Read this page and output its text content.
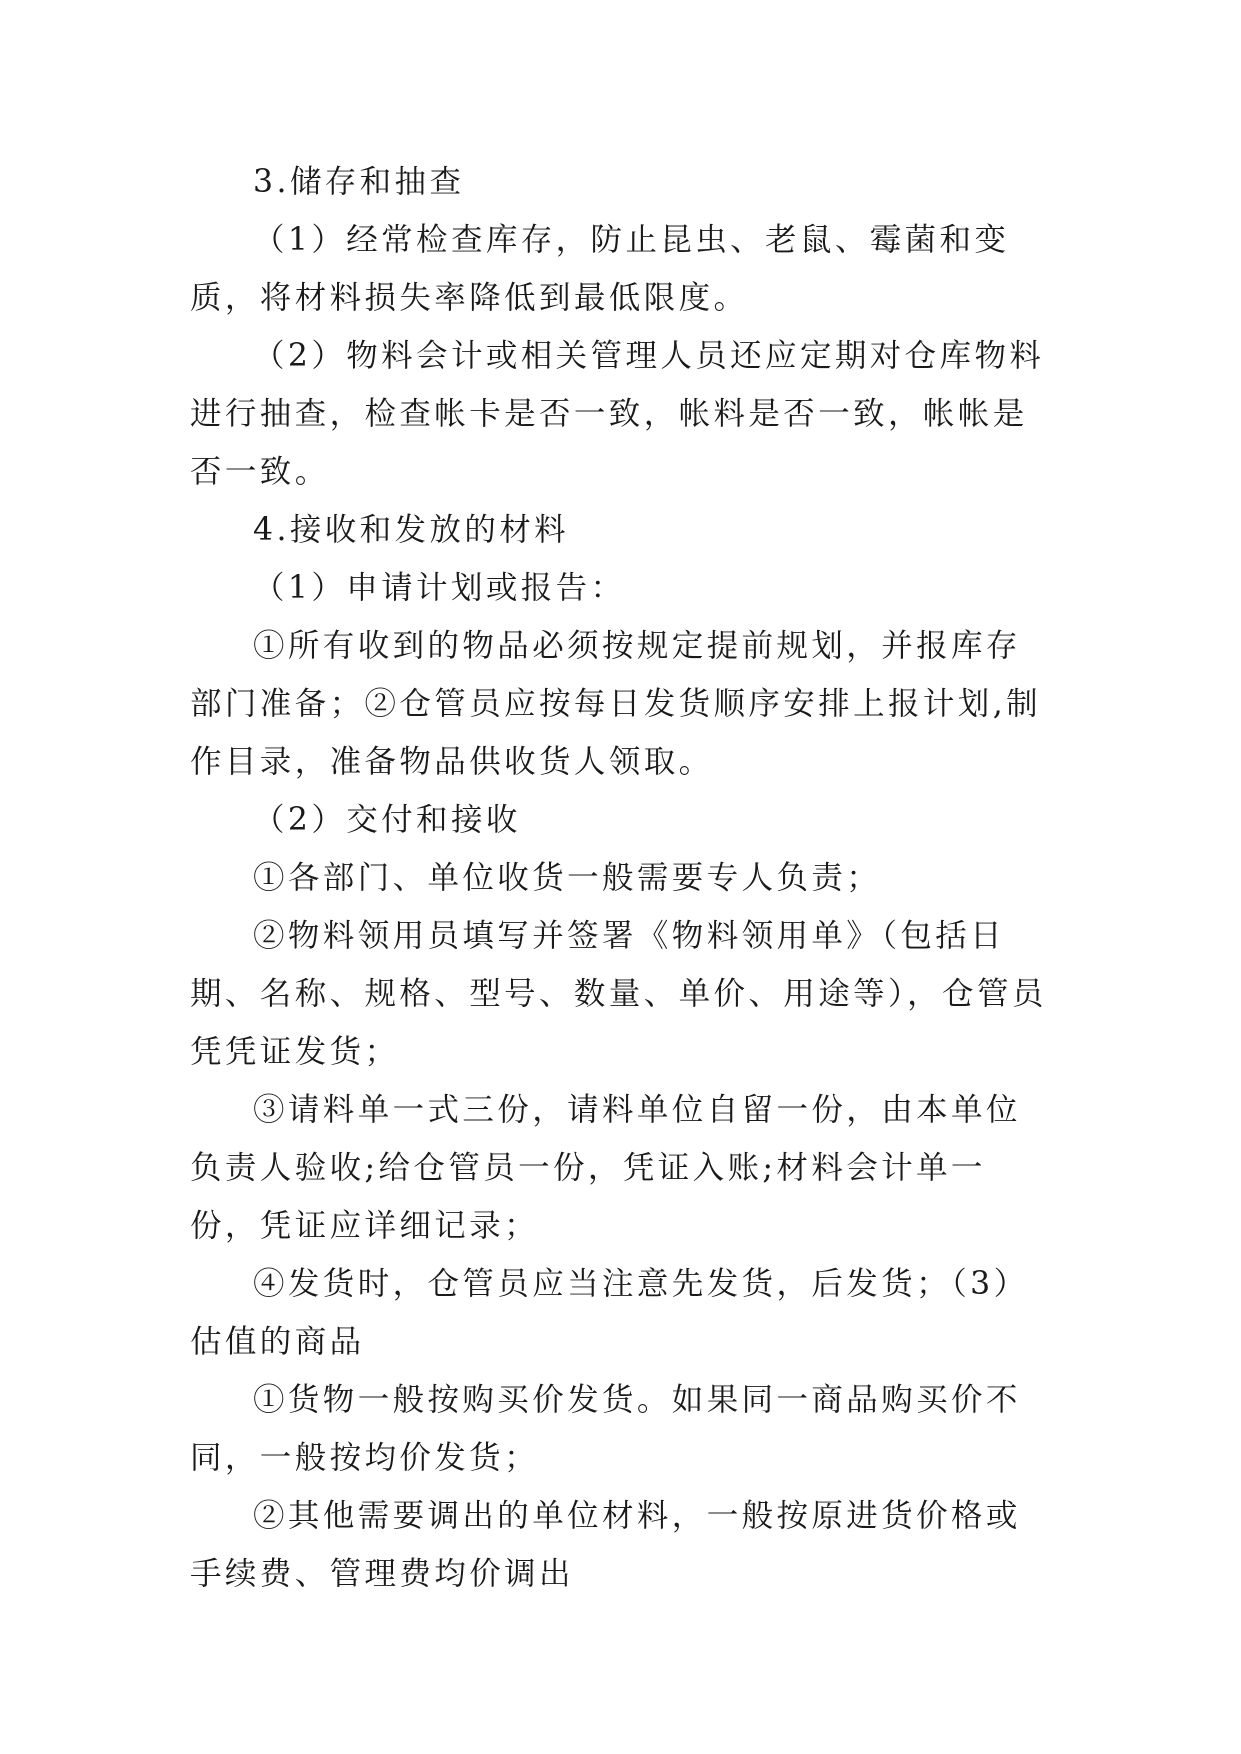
3.储存和抽查

（1）经常检查库存，防止昆虫、老鼠、霉菌和变质，将材料损失率降低到最低限度。

（2）物料会计或相关管理人员还应定期对仓库物料进行抽查，检查帐卡是否一致，帐料是否一致，帐帐是否一致。

4.接收和发放的材料

（1）申请计划或报告：

①所有收到的物品必须按规定提前规划，并报库存部门准备；②仓管员应按每日发货顺序安排上报计划,制作目录，准备物品供收货人领取。

（2）交付和接收

①各部门、单位收货一般需要专人负责；

②物料领用员填写并签署《物料领用单》（包括日期、名称、规格、型号、数量、单价、用途等），仓管员凭凭证发货；

③请料单一式三份，请料单位自留一份，由本单位负责人验收;给仓管员一份，凭证入账;材料会计单一份，凭证应详细记录；

④发货时，仓管员应当注意先发货，后发货；（3）估值的商品

①货物一般按购买价发货。如果同一商品购买价不同，一般按均价发货；

②其他需要调出的单位材料，一般按原进货价格或手续费、管理费均价调出
